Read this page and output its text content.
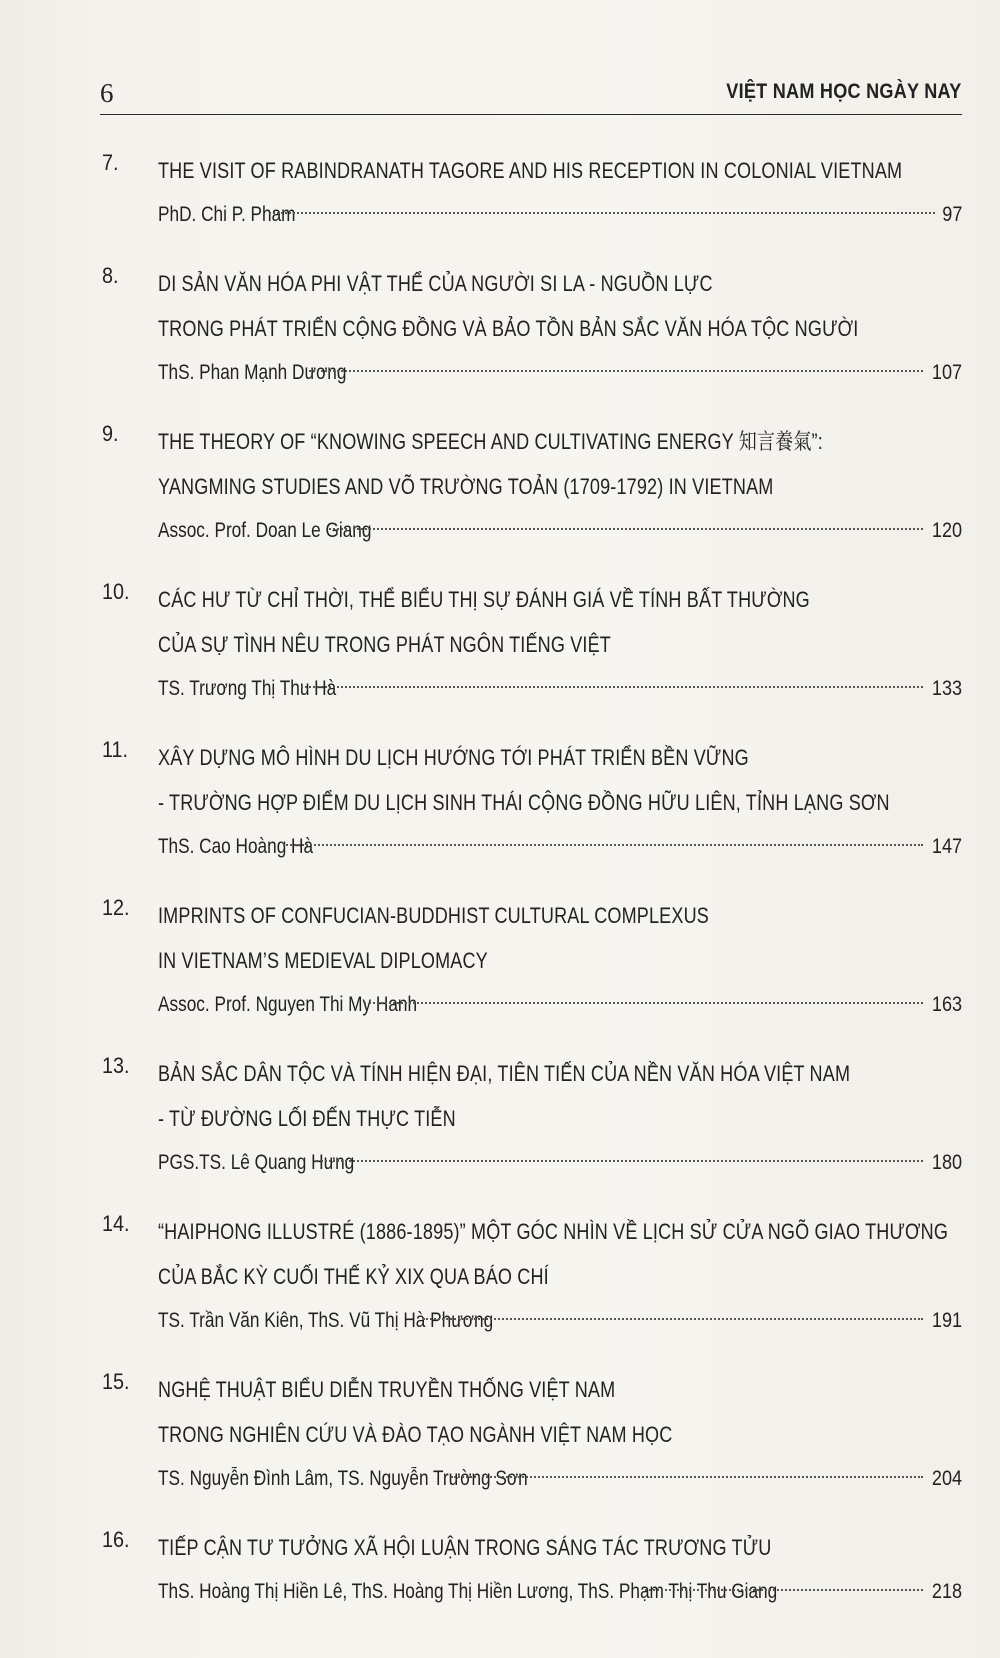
6	VIỆT NAM HỌC NGÀY NAY
7. THE VISIT OF RABINDRANATH TAGORE AND HIS RECEPTION IN COLONIAL VIETNAM
PhD. Chi P. Pham	97
8. DI SẢN VĂN HÓA PHI VẬT THỂ CỦA NGƯỜI SI LA - NGUỒN LỰC
TRONG PHÁT TRIỂN CỘNG ĐỒNG VÀ BẢO TỒN BẢN SẮC VĂN HÓA TỘC NGƯỜI
ThS. Phan Mạnh Dương	107
9. THE THEORY OF “KNOWING SPEECH AND CULTIVATING ENERGY 知言養氣”:
YANGMING STUDIES AND VÕ TRƯỜNG TOẢN (1709-1792) IN VIETNAM
Assoc. Prof. Doan Le Giang	120
10. CÁC HƯ TỪ CHỈ THỜI, THỂ BIỂU THỊ SỰ ĐÁNH GIÁ VỀ TÍNH BẤT THƯỜNG
CỦA SỰ TÌNH NÊU TRONG PHÁT NGÔN TIẾNG VIỆT
TS. Trương Thị Thu Hà	133
11. XÂY DỰNG MÔ HÌNH DU LỊCH HƯỚNG TỚI PHÁT TRIỂN BỀN VỮNG
- TRƯỜNG HỢP ĐIỂM DU LỊCH SINH THÁI CỘNG ĐỒNG HỮU LIÊN, TỈNH LẠNG SƠN
ThS. Cao Hoàng Hà	147
12. IMPRINTS OF CONFUCIAN-BUDDHIST CULTURAL COMPLEXUS
IN VIETNAM’S MEDIEVAL DIPLOMACY
Assoc. Prof. Nguyen Thi My Hanh	163
13. BẢN SẮC DÂN TỘC VÀ TÍNH HIỆN ĐẠI, TIÊN TIẾN CỦA NỀN VĂN HÓA VIỆT NAM
- TỪ ĐƯỜNG LỐI ĐẾN THỰC TIỄN
PGS.TS. Lê Quang Hưng	180
14. “HAIPHONG ILLUSTRÉ (1886-1895)” MỘT GÓC NHÌN VỀ LỊCH SỬ CỬA NGÕ GIAO THƯƠNG
CỦA BẮC KỲ CUỐI THẾ KỶ XIX QUA BÁO CHÍ
TS. Trần Văn Kiên, ThS. Vũ Thị Hà Phương	191
15. NGHỆ THUẬT BIỂU DIỄN TRUYỀN THỐNG VIỆT NAM
TRONG NGHIÊN CỨU VÀ ĐÀO TẠO NGÀNH VIỆT NAM HỌC
TS. Nguyễn Đình Lâm, TS. Nguyễn Trường Sơn	204
16. TIẾP CẬN TƯ TƯỞNG XÃ HỘI LUẬN TRONG SÁNG TÁC TRƯƠNG TỬU
ThS. Hoàng Thị Hiền Lê, ThS. Hoàng Thị Hiền Lương, ThS. Phạm Thị Thu Giang	218
